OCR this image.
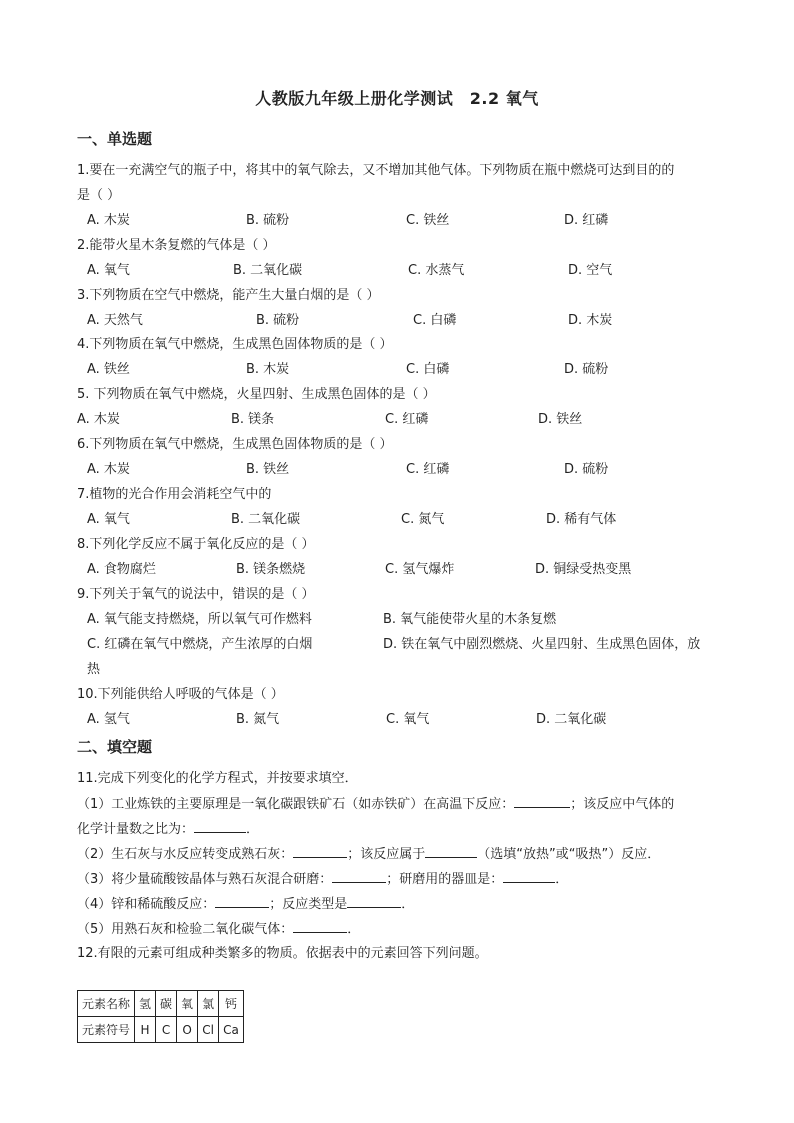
人教版九年级上册化学测试　2.2 氧气
一、单选题
1.要在一充满空气的瓶子中，将其中的氧气除去，又不增加其他气体。下列物质在瓶中燃烧可达到目的的
是（ ）
A. 木炭	B. 硫粉	C. 铁丝	D. 红磷
2.能带火星木条复燃的气体是（ ）
A. 氧气	B. 二氧化碳	C. 水蒸气	D. 空气
3.下列物质在空气中燃烧，能产生大量白烟的是（ ）
A. 天然气	B. 硫粉	C. 白磷	D. 木炭
4.下列物质在氧气中燃烧，生成黑色固体物质的是（ ）
A. 铁丝	B. 木炭	C. 白磷	D. 硫粉
5. 下列物质在氧气中燃烧，火星四射、生成黑色固体的是（ ）
A. 木炭	B. 镁条	C. 红磷	D. 铁丝
6.下列物质在氧气中燃烧，生成黑色固体物质的是（ ）
A. 木炭	B. 铁丝	C. 红磷	D. 硫粉
7.植物的光合作用会消耗空气中的
A. 氧气	B. 二氧化碳	C. 氮气	D. 稀有气体
8.下列化学反应不属于氧化反应的是（ ）
A. 食物腐烂	B. 镁条燃烧	C. 氢气爆炸	D. 铜绿受热变黑
9.下列关于氧气的说法中，错误的是（ ）
A. 氧气能支持燃烧，所以氧气可作燃料	B. 氧气能使带火星的木条复燃
C. 红磷在氧气中燃烧，产生浓厚的白烟	D. 铁在氧气中剧烈燃烧、火星四射、生成黑色固体，放
热
10.下列能供给人呼吸的气体是（ ）
A. 氢气	B. 氮气	C. 氧气	D. 二氧化碳
二、填空题
11.完成下列变化的化学方程式，并按要求填空．
（1）工业炼铁的主要原理是一氧化碳跟铁矿石（如赤铁矿）在高温下反应：	；该反应中气体的
化学计量数之比为：	．
（2）生石灰与水反应转变成熟石灰：	；该反应属于	（选填“放热”或“吸热”）反应．
（3）将少量硫酸铵晶体与熟石灰混合研磨：	；研磨用的器皿是：	．
（4）锌和稀硫酸反应：	；反应类型是	．
（5）用熟石灰和检验二氧化碳气体：	．
12.有限的元素可组成种类繁多的物质。依据表中的元素回答下列问题。
元素名称	氢	碳	氧	氯	钙
元素符号	H	C	O	Cl	Ca
